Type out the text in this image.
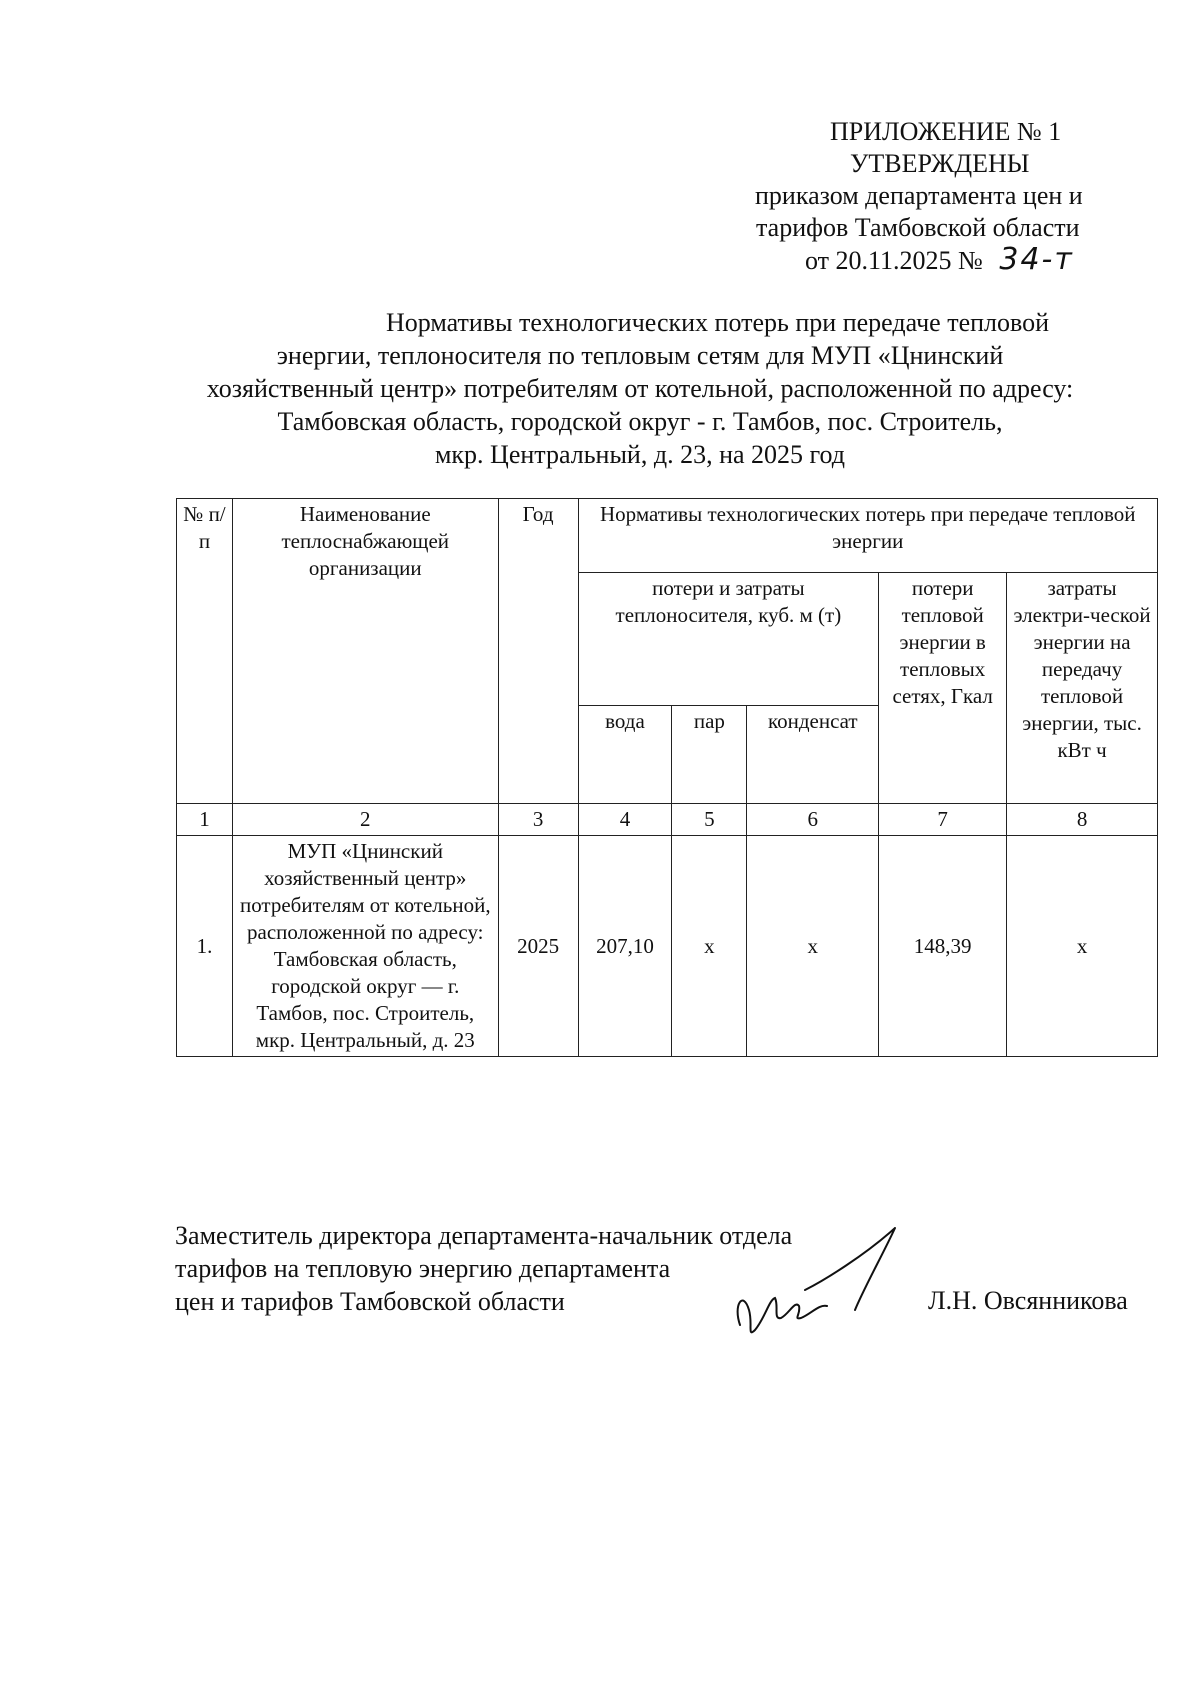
ПРИЛОЖЕНИЕ № 1
УТВЕРЖДЕНЫ
приказом департамента цен и
тарифов Тамбовской области
от 20.11.2025 № 34-т
Нормативы технологических потерь при передаче тепловой
энергии, теплоносителя по тепловым сетям для МУП «Цнинский
хозяйственный центр» потребителям от котельной, расположенной по адресу:
Тамбовская область, городской округ - г. Тамбов, пос. Строитель,
мкр. Центральный, д. 23, на 2025 год
№ п/п	Наименование теплоснабжающей организации	Год	Нормативы технологических потерь при передаче тепловой энергии				
			потери и затраты теплоносителя, куб. м (т)			потери тепловой энергии в тепловых сетях, Гкал	затраты электри-ческой энергии на передачу тепловой энергии, тыс. кВт ч
			вода	пар	конденсат		
1	2	3	4	5	6	7	8
1.	МУП «Цнинский хозяйственный центр» потребителям от котельной, расположенной по адресу: Тамбовская область, городской округ — г. Тамбов, пос. Строитель, мкр. Центральный, д. 23	2025	207,10	х	х	148,39	х
Заместитель директора департамента-начальник отдела
тарифов на тепловую энергию департамента
цен и тарифов Тамбовской области	Л.Н. Овсянникова
